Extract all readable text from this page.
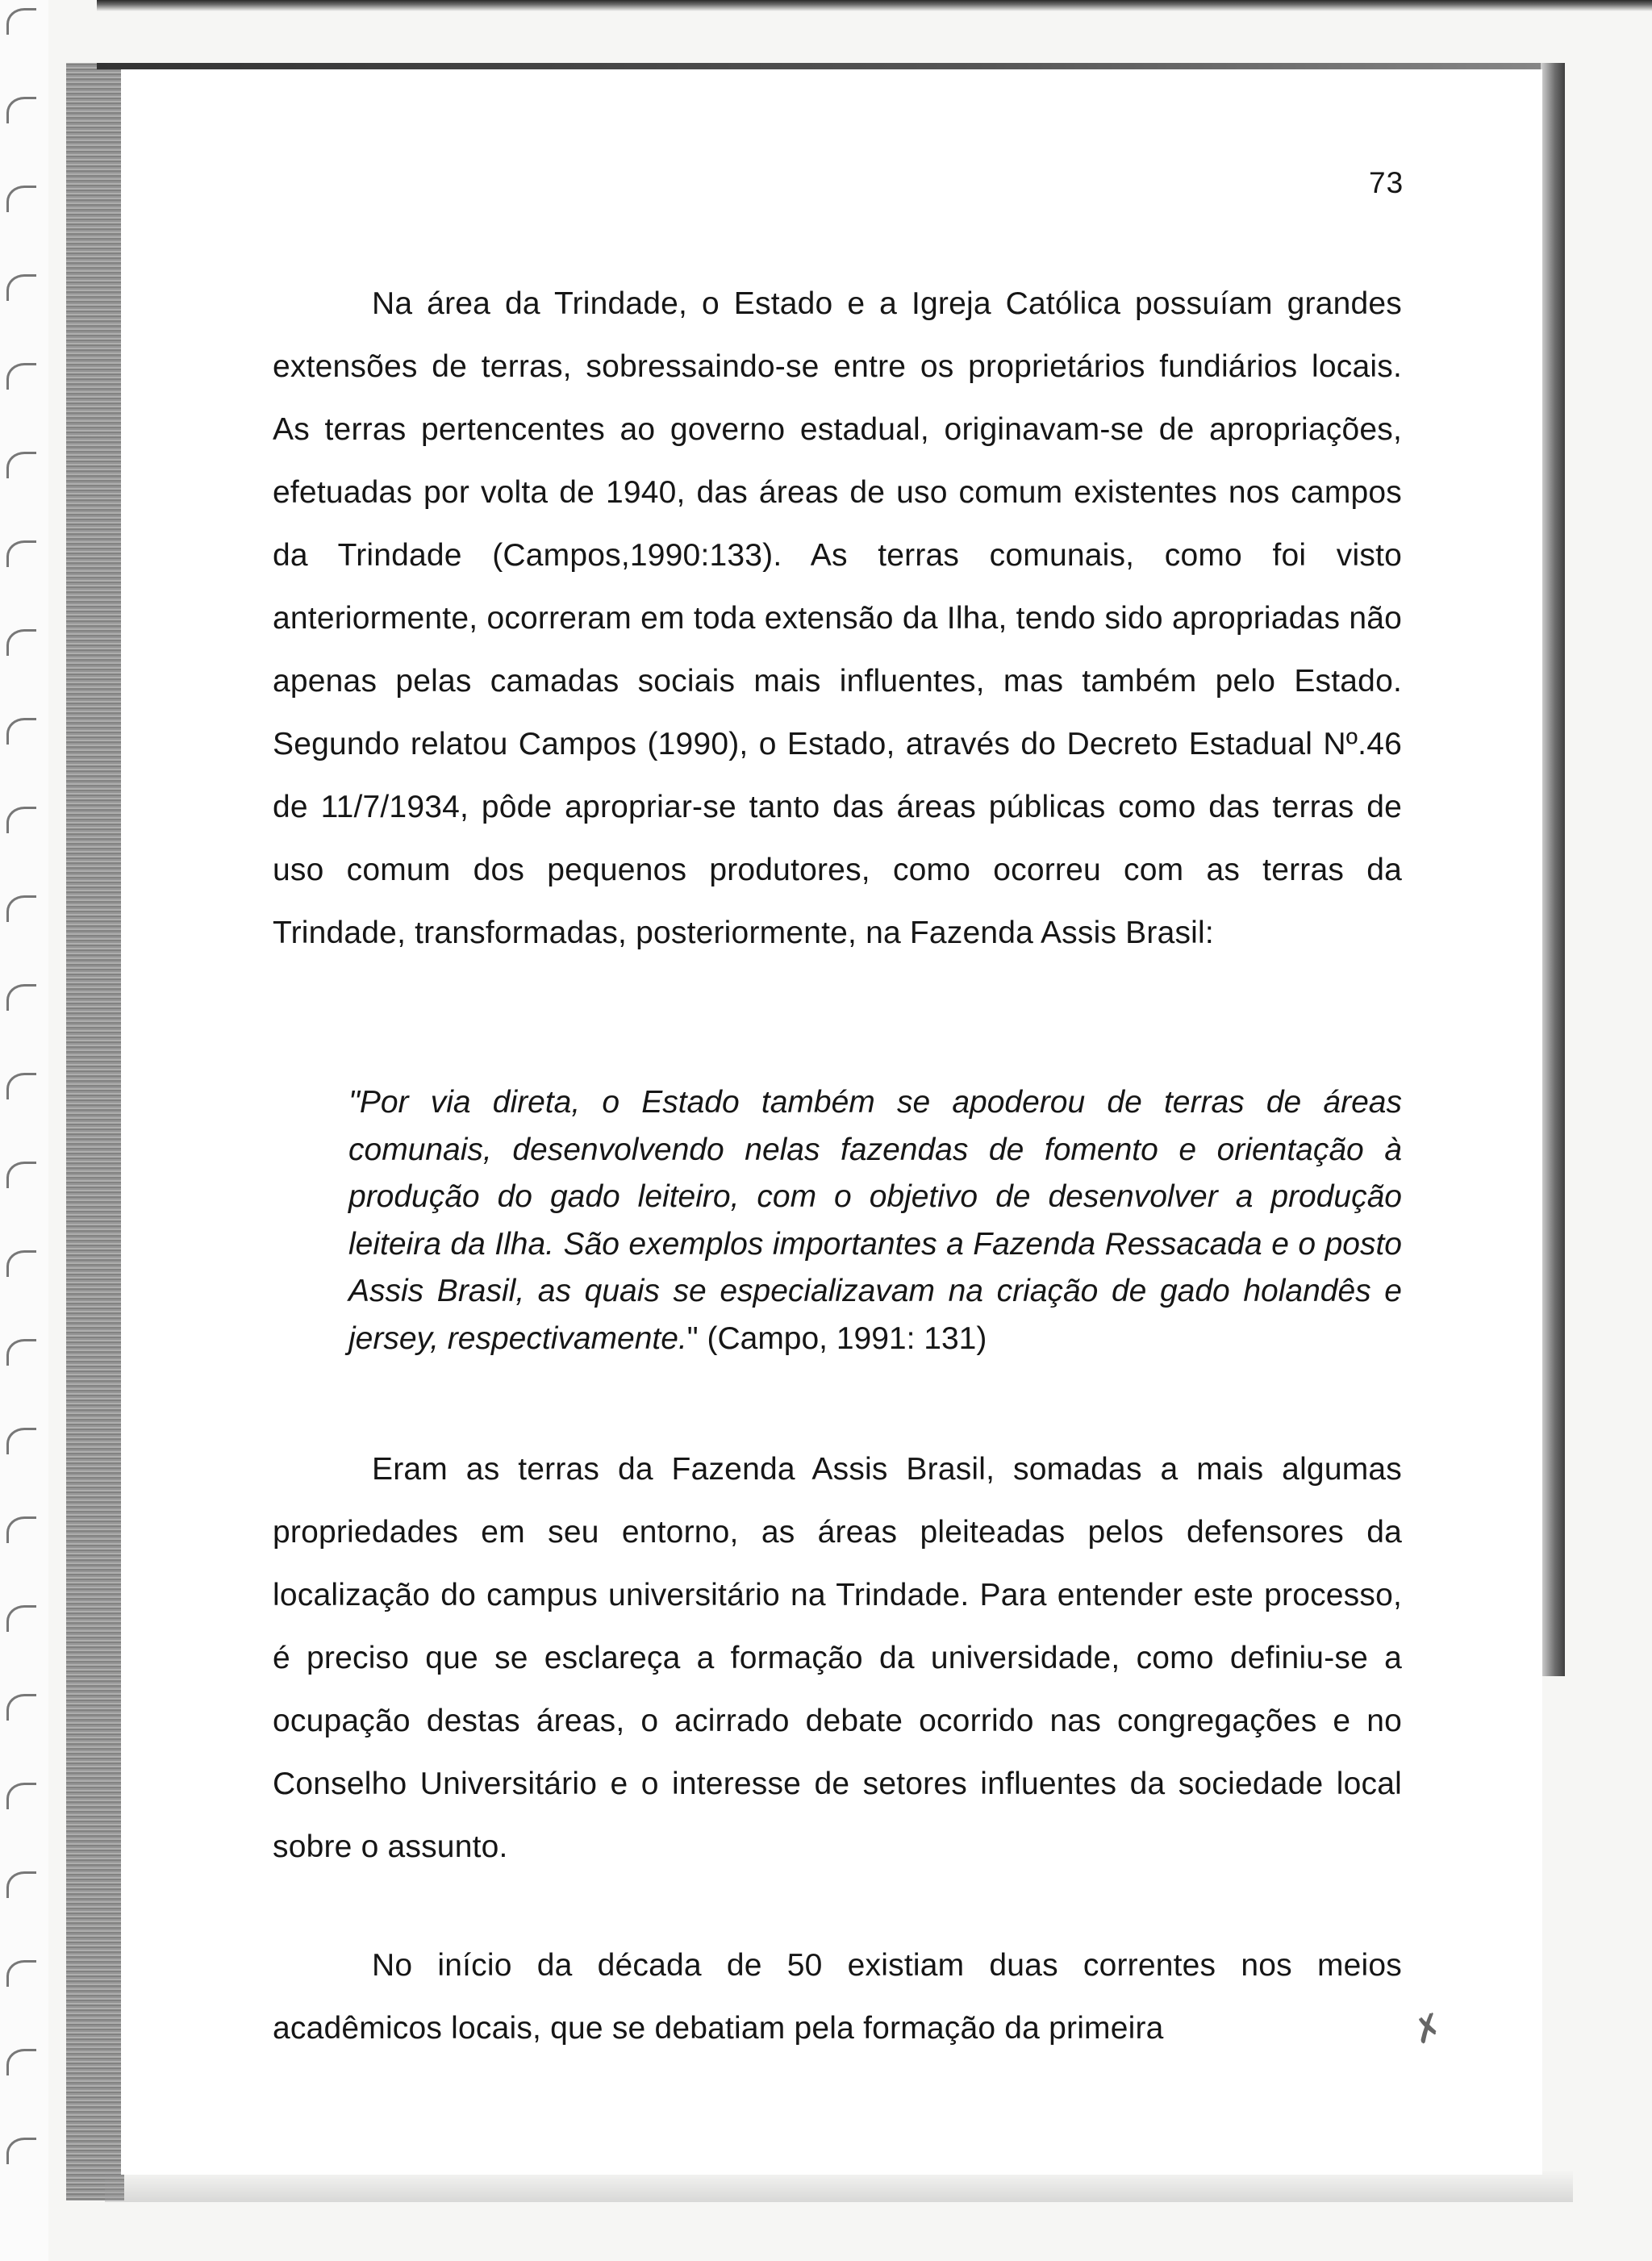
73

Na área da Trindade, o Estado e a Igreja Católica possuíam grandes extensões de terras, sobressaindo-se entre os proprietários fundiários locais. As terras pertencentes ao governo estadual, originavam-se de apropriações, efetuadas por volta de 1940, das áreas de uso comum existentes nos campos da Trindade (Campos,1990:133). As terras comunais, como foi visto anteriormente, ocorreram em toda extensão da Ilha, tendo sido apropriadas não apenas pelas camadas sociais mais influentes, mas também pelo Estado. Segundo relatou Campos (1990), o Estado, através do Decreto Estadual Nº.46 de 11/7/1934, pôde apropriar-se tanto das áreas públicas como das terras de uso comum dos pequenos produtores, como ocorreu com as terras da Trindade, transformadas, posteriormente, na Fazenda Assis Brasil:

"Por via direta, o Estado também se apoderou de terras de áreas comunais, desenvolvendo nelas fazendas de fomento e orientação à produção do gado leiteiro, com o objetivo de desenvolver a produção leiteira da Ilha. São exemplos importantes a Fazenda Ressacada e o posto Assis Brasil, as quais se especializavam na criação de gado holandês e jersey, respectivamente." (Campo, 1991: 131)

Eram as terras da Fazenda Assis Brasil, somadas a mais algumas propriedades em seu entorno, as áreas pleiteadas pelos defensores da localização do campus universitário na Trindade. Para entender este processo, é preciso que se esclareça a formação da universidade, como definiu-se a ocupação destas áreas, o acirrado debate ocorrido nas congregações e no Conselho Universitário e o interesse de setores influentes da sociedade local sobre o assunto.

No início da década de 50 existiam duas correntes nos meios acadêmicos locais, que se debatiam pela formação da primeira	✗
